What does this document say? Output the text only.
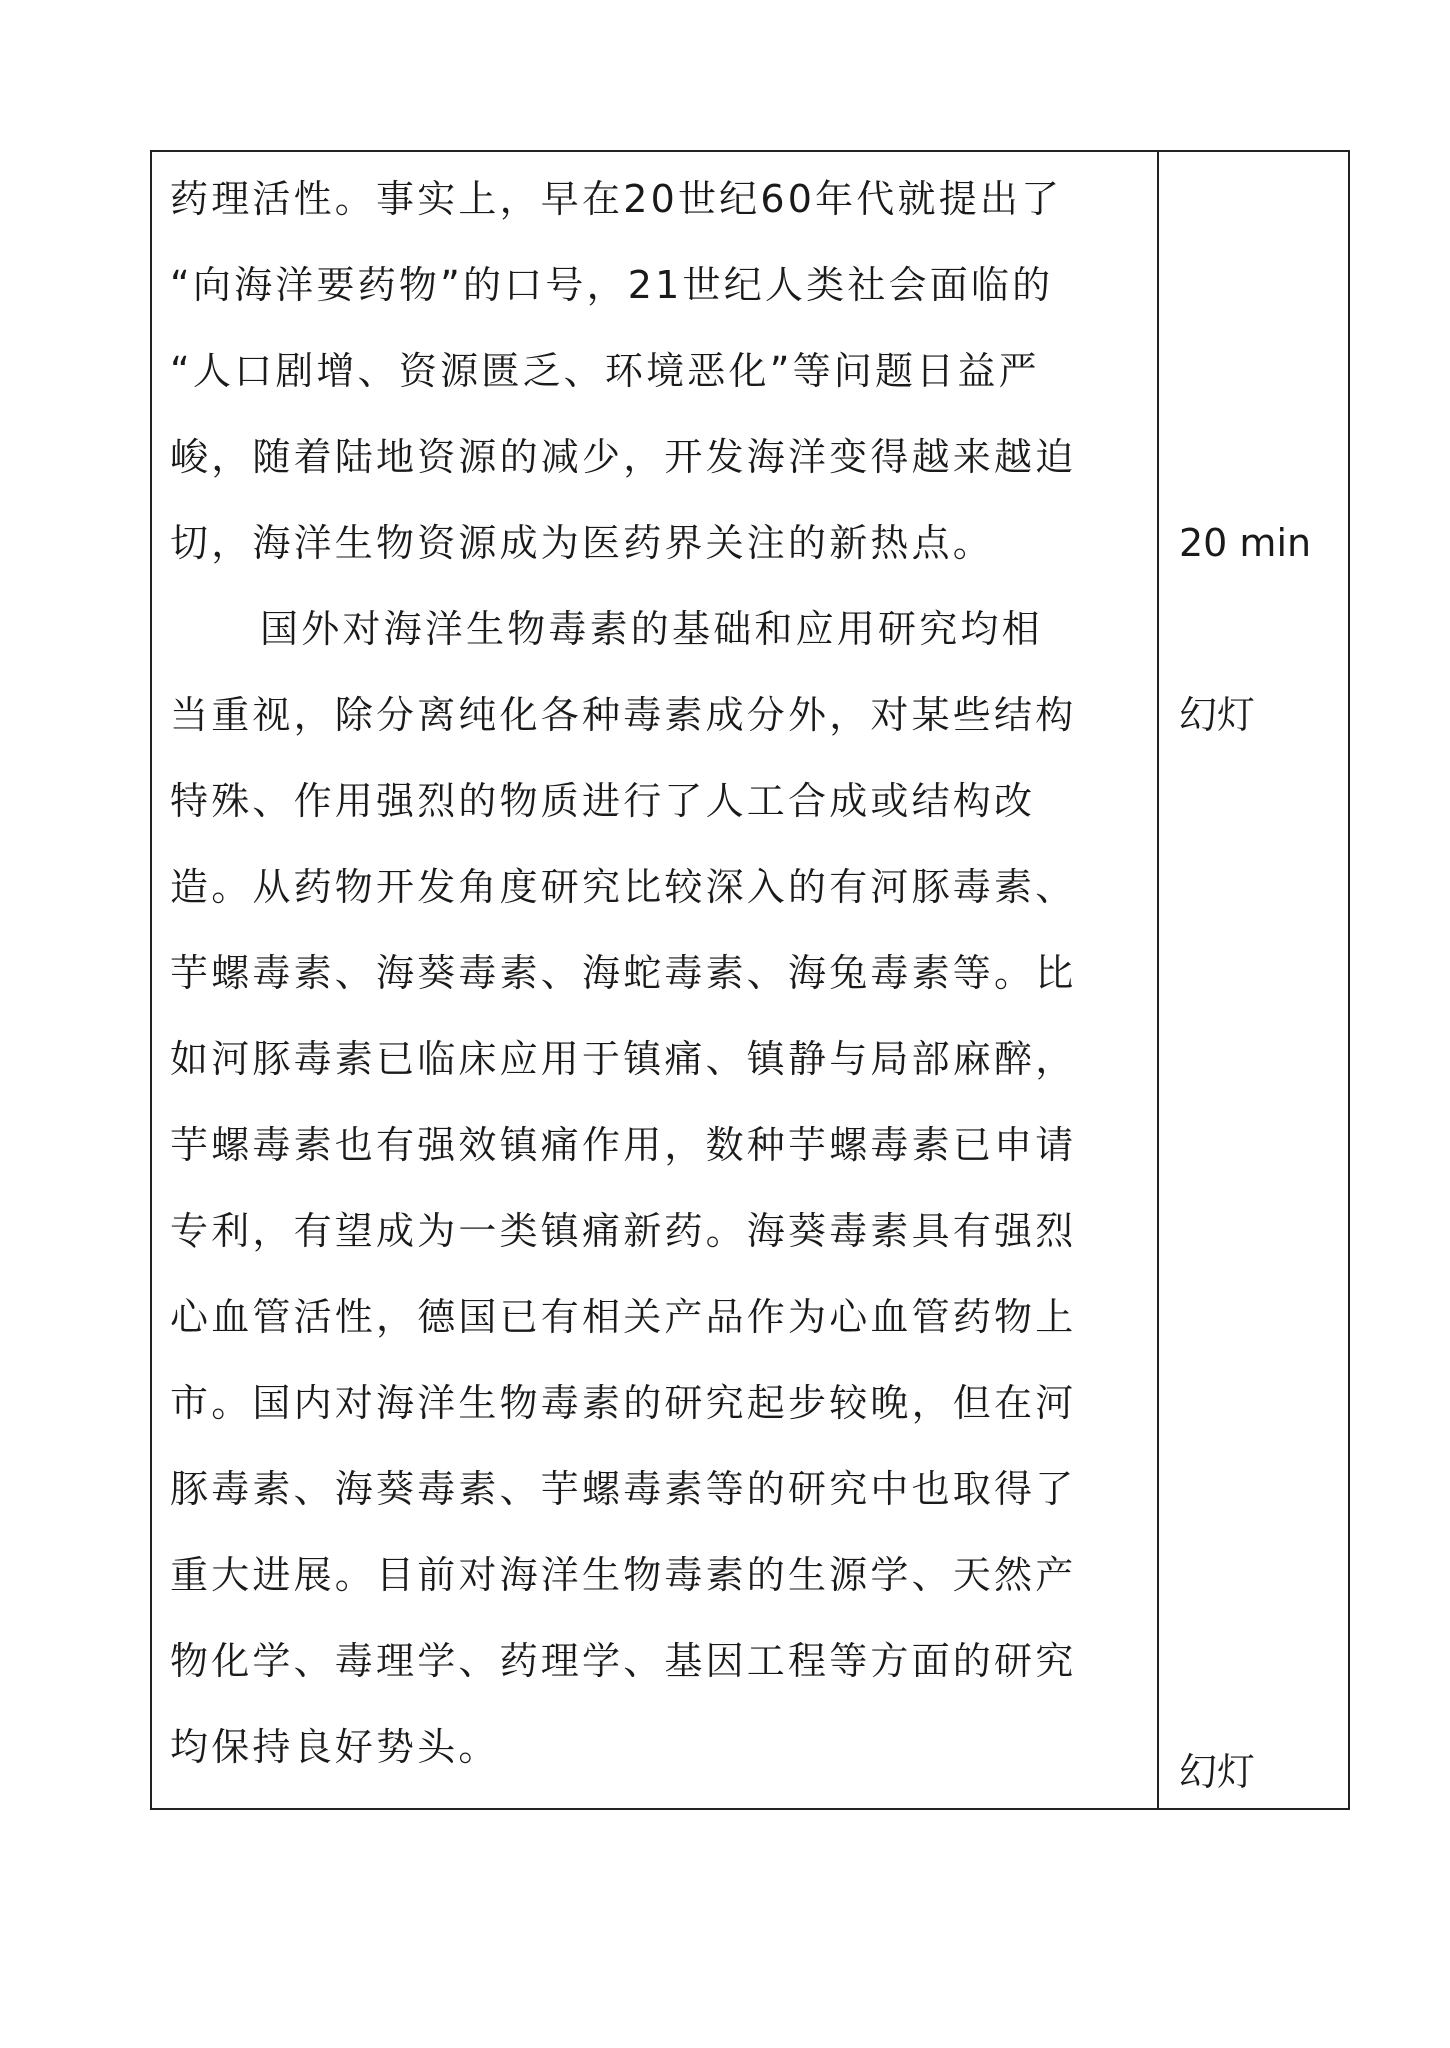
药理活性。事实上，早在20世纪60年代就提出了
“向海洋要药物”的口号，21世纪人类社会面临的
“人口剧增、资源匮乏、环境恶化”等问题日益严
峻，随着陆地资源的减少，开发海洋变得越来越迫
切，海洋生物资源成为医药界关注的新热点。
国外对海洋生物毒素的基础和应用研究均相
当重视，除分离纯化各种毒素成分外，对某些结构
特殊、作用强烈的物质进行了人工合成或结构改
造。从药物开发角度研究比较深入的有河豚毒素、
芋螺毒素、海葵毒素、海蛇毒素、海兔毒素等。比
如河豚毒素已临床应用于镇痛、镇静与局部麻醉，
芋螺毒素也有强效镇痛作用，数种芋螺毒素已申请
专利，有望成为一类镇痛新药。海葵毒素具有强烈
心血管活性，德国已有相关产品作为心血管药物上
市。国内对海洋生物毒素的研究起步较晚，但在河
豚毒素、海葵毒素、芋螺毒素等的研究中也取得了
重大进展。目前对海洋生物毒素的生源学、天然产
物化学、毒理学、药理学、基因工程等方面的研究
均保持良好势头。
20 min
幻灯
幻灯
